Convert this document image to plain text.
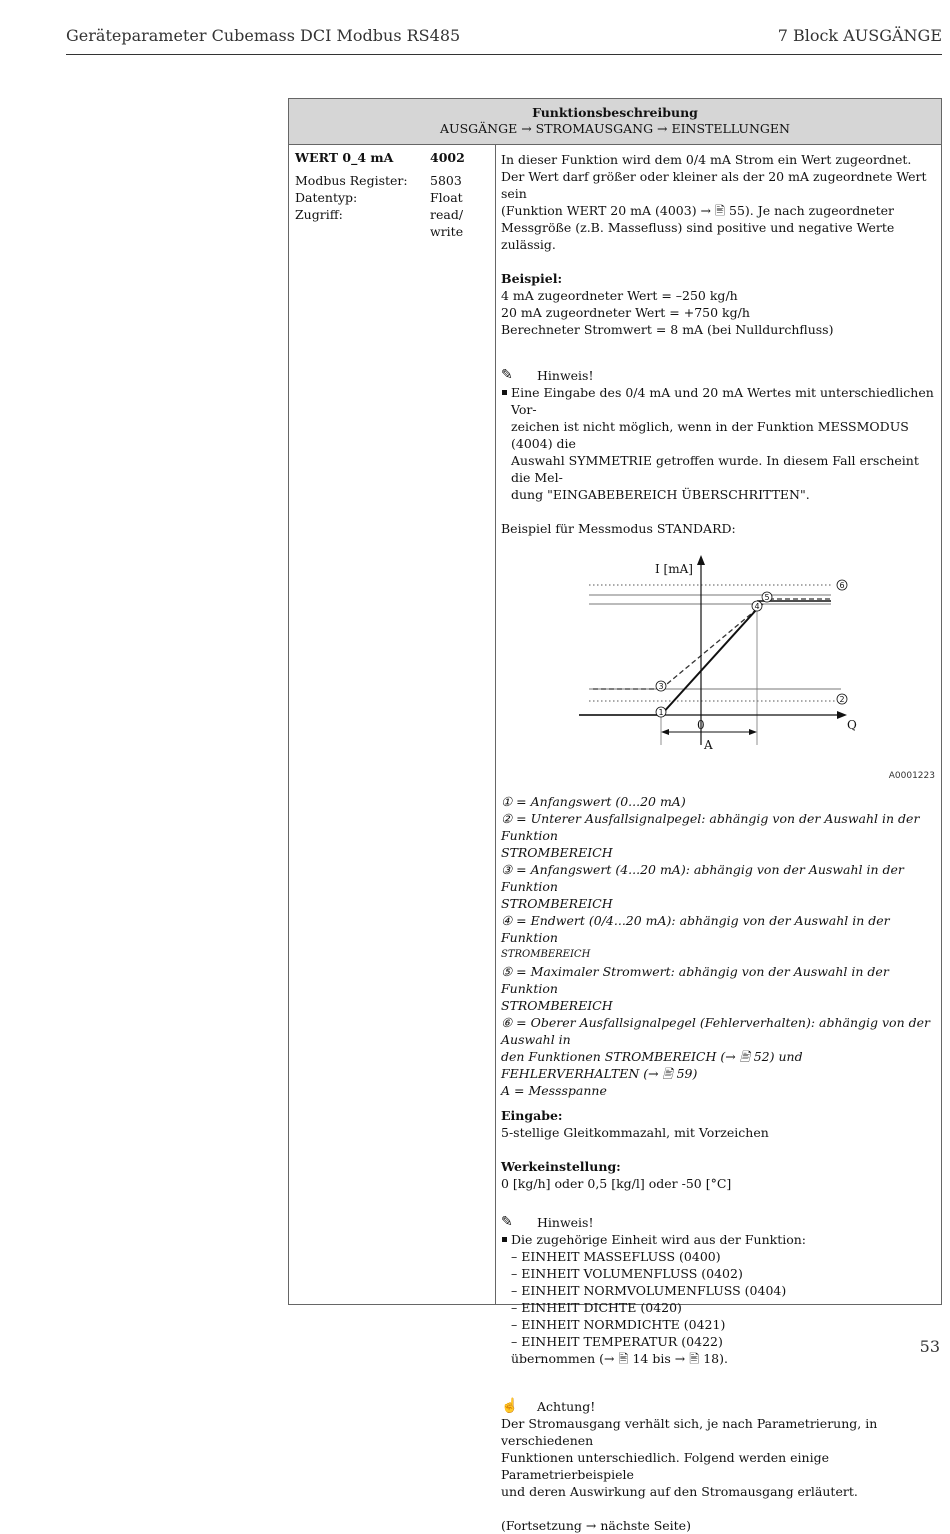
Geräteparameter Cubemass DCI Modbus RS485	7 Block AUSGÄNGE
Funktionsbeschreibung
AUSGÄNGE → STROMAUSGANG → EINSTELLUNGEN
WERT 0_4 mA	4002
Modbus Register: 5803
Datentyp:	Float
Zugriff:	read/
write

In dieser Funktion wird dem 0/4 mA Strom ein Wert zugeordnet.

Der Wert darf größer oder kleiner als der 20 mA zugeordnete Wert sein

(Funktion WERT 20 mA (4003) → 🖹 55). Je nach zugeordneter

Messgröße (z.B. Massefluss) sind positive und negative Werte zulässig.

Beispiel:

4 mA zugeordneter Wert = –250 kg/h

20 mA zugeordneter Wert = +750 kg/h

Berechneter Stromwert = 8 mA (bei Nulldurchfluss)

✎	Hinweis!

Eine Eingabe des 0/4 mA und 20 mA Wertes mit unterschiedlichen Vor-

zeichen ist nicht möglich, wenn in der Funktion MESSMODUS (4004) die

Auswahl SYMMETRIE getroffen wurde. In diesem Fall erscheint die Mel-

dung "EINGABEBEREICH ÜBERSCHRITTEN".

Beispiel für Messmodus STANDARD:

1
3
4
5
6
2
I [mA]
Q
0
A
A0001223

① = Anfangswert (0...20 mA)

② = Unterer Ausfallsignalpegel: abhängig von der Auswahl in der Funktion

STROMBEREICH

③ = Anfangswert (4...20 mA): abhängig von der Auswahl in der Funktion

STROMBEREICH

④ = Endwert (0/4...20 mA): abhängig von der Auswahl in der Funktion

STROMBEREICH

⑤ = Maximaler Stromwert: abhängig von der Auswahl in der Funktion

STROMBEREICH

⑥ = Oberer Ausfallsignalpegel (Fehlerverhalten): abhängig von der Auswahl in

den Funktionen STROMBEREICH (→ 🖹 52) und FEHLERVERHALTEN (→ 🖹 59)

A = Messspanne

Eingabe:

5-stellige Gleitkommazahl, mit Vorzeichen

Werkeinstellung:

0 [kg/h] oder 0,5 [kg/l] oder -50 [°C]

✎	Hinweis!

Die zugehörige Einheit wird aus der Funktion:

– EINHEIT MASSEFLUSS (0400)

– EINHEIT VOLUMENFLUSS (0402)

– EINHEIT NORMVOLUMENFLUSS (0404)

– EINHEIT DICHTE (0420)

– EINHEIT NORMDICHTE (0421)

– EINHEIT TEMPERATUR (0422)

übernommen (→ 🖹 14 bis → 🖹 18).

☝	Achtung!

Der Stromausgang verhält sich, je nach Parametrierung, in verschiedenen

Funktionen unterschiedlich. Folgend werden einige Parametrierbeispiele

und deren Auswirkung auf den Stromausgang erläutert.

(Fortsetzung → nächste Seite)

53
